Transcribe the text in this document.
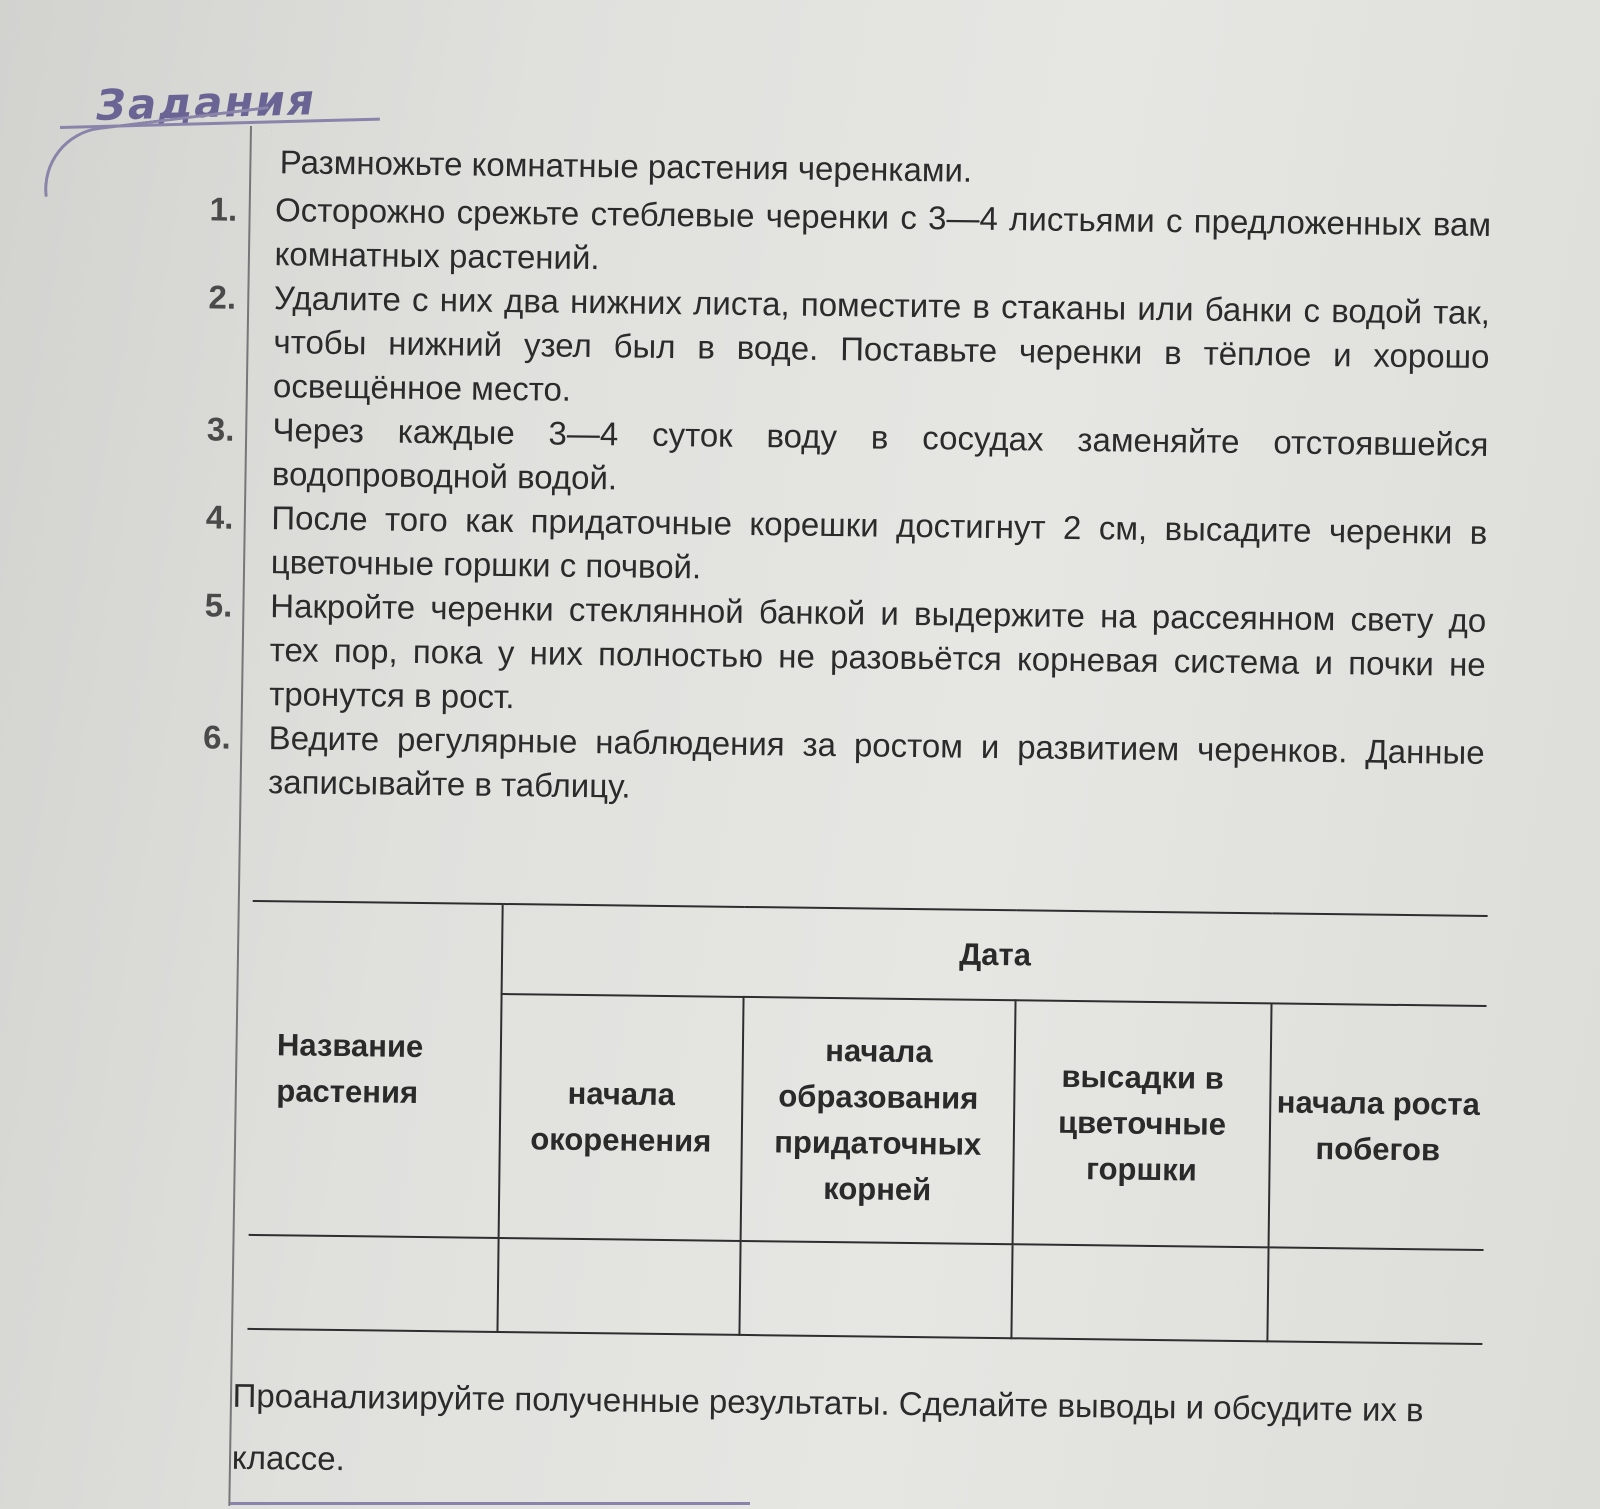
Задания
Размножьте комнатные растения черенками.
1.	Осторожно срежьте стеблевые черенки с 3—4 листьями с предложенных вам комнатных растений.
2.	Удалите с них два нижних листа, поместите в стаканы или банки с водой так, чтобы нижний узел был в воде. Поставьте черенки в тёплое и хорошо освещённое место.
3.	Через каждые 3—4 суток воду в сосудах заменяйте отстоявшейся водопроводной водой.
4.	После того как придаточные корешки достигнут 2 см, высадите черенки в цветочные горшки с почвой.
5.	Накройте черенки стеклянной банкой и выдержите на рассеянном свету до тех пор, пока у них полностью не разовьётся корневая система и почки не тронутся в рост.
6.	Ведите регулярные наблюдения за ростом и развитием черенков. Данные записывайте в таблицу.
Название растения	Дата			
	начала окоренения	начала образования придаточных корней	высадки в цветочные горшки	начала роста побегов

Проанализируйте полученные результаты. Сделайте выводы и обсудите их в классе.
